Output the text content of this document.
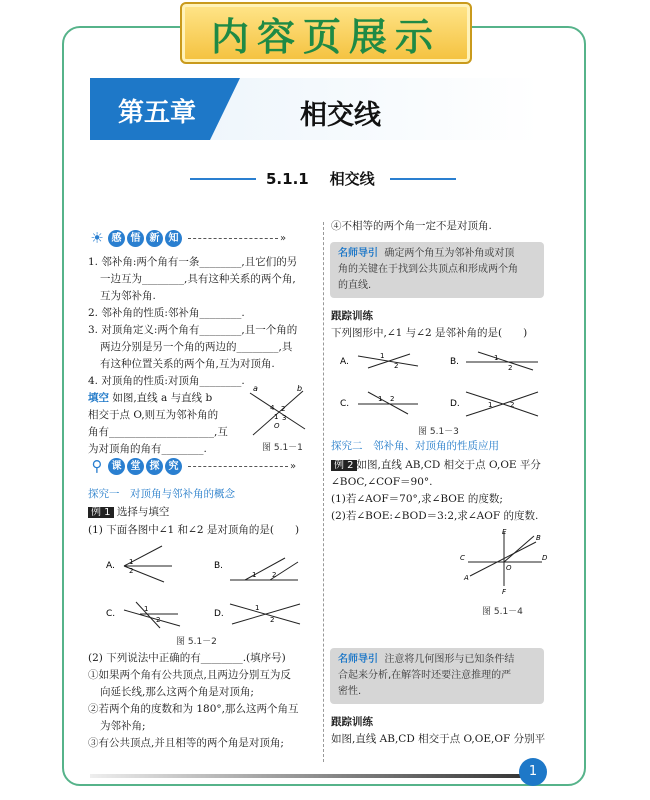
内容页展示
第五章	相交线
5.1.1 相交线
☀ 感 悟 新 知	»
1. 邻补角:两个角有一条________,且它们的另
一边互为________,具有这种关系的两个角,
互为邻补角.
2. 邻补角的性质:邻补角________.
3. 对顶角定义:两个角有________,且一个角的
两边分别是另一个角的两边的________,具
有这种位置关系的两个角,互为对顶角.
4. 对顶角的性质:对顶角________.
填空 如图,直线 a 与直线 b
相交于点 O,则互为邻补角的
角有____________________,互
为对顶角的角有________.
a	b
1
2
3
4
O
图 5.1－1
⚲ 课 堂 探 究	»
探究一　对顶角与邻补角的概念
例 1 选择与填空
(1) 下面各图中∠1 和∠2 是对顶角的是(　　)
A. 1
2	B.
1 2
C.	1
2
D.
1
2
图 5.1－2
(2) 下列说法中正确的有________.(填序号)
①如果两个角有公共顶点,且两边分别互为反
向延长线,那么这两个角是对顶角;
②若两个角的度数和为 180°,那么这两个角互
为邻补角;
③有公共顶点,并且相等的两个角是对顶角;
④不相等的两个角一定不是对顶角.
名师导引 确定两个角互为邻补角或对顶
角的关键在于找到公共顶点和形成两个角
的直线.
跟踪训练
下列图形中,∠1 与∠2 是邻补角的是(　　)
A.
1
2	B.	1
2
C.	1 2	D.	1	2
图 5.1－3
探究二　邻补角、对顶角的性质应用
例 2 如图,直线 AB,CD 相交于点 O,OE 平分
∠BOC,∠COF＝90°.
(1)若∠AOF＝70°,求∠BOE 的度数;
(2)若∠BOE:∠BOD＝3:2,求∠AOF 的度数.
C	D
B
E
A
F
O
图 5.1－4
名师导引 注意将几何图形与已知条件结
合起来分析,在解答时还要注意推理的严
密性.
跟踪训练
如图,直线 AB,CD 相交于点 O,OE,OF 分别平
1
